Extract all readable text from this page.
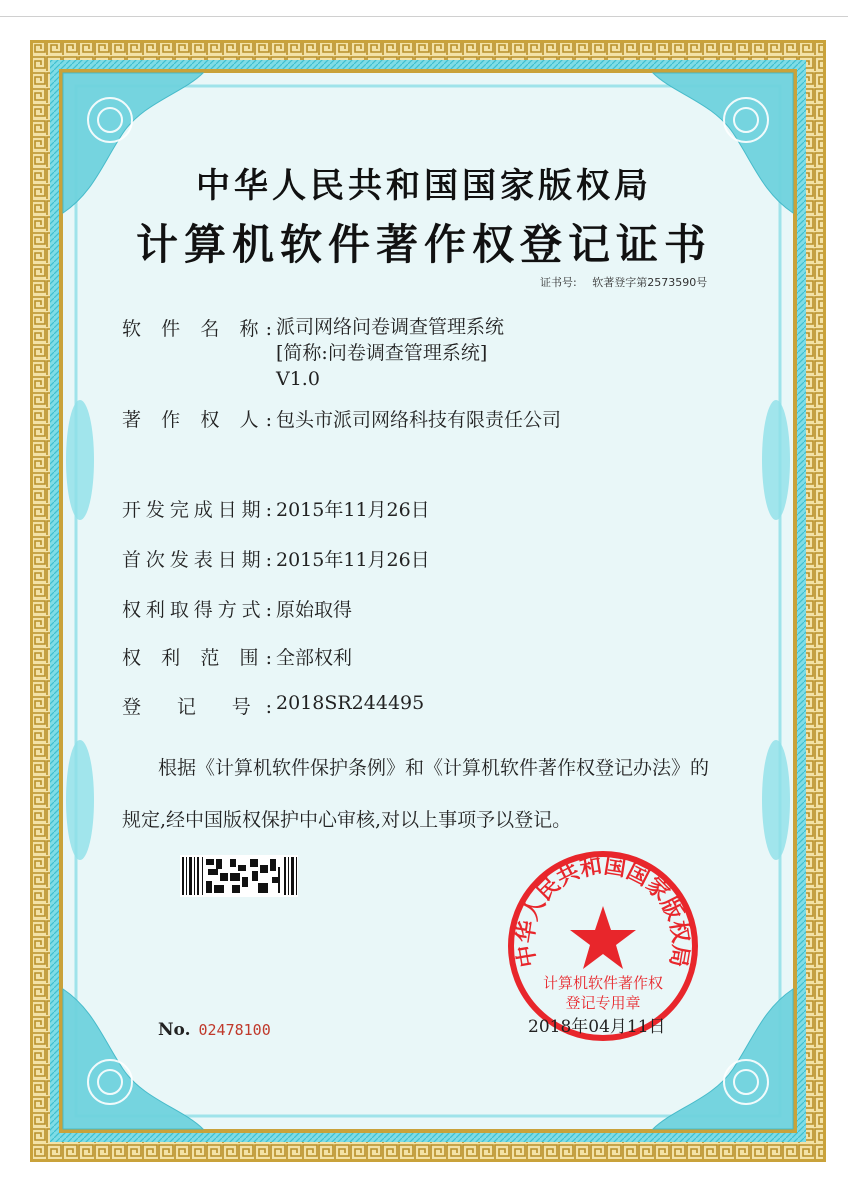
中华人民共和国国家版权局
计算机软件著作权登记证书
证书号: 软著登字第2573590号
软 件 名 称: 派司网络问卷调查管理系统
[简称:问卷调查管理系统]
V1.0
著 作 权 人: 包头市派司网络科技有限责任公司
开发完成日期: 2015年11月26日
首次发表日期: 2015年11月26日
权利取得方式: 原始取得
权 利 范 围: 全部权利
登 记 号: 2018SR244495
根据《计算机软件保护条例》和《计算机软件著作权登记办法》的
规定,经中国版权保护中心审核,对以上事项予以登记。
中华人民共和国国家版权局
计算机软件著作权
登记专用章
2018年04月11日
No. 02478100
